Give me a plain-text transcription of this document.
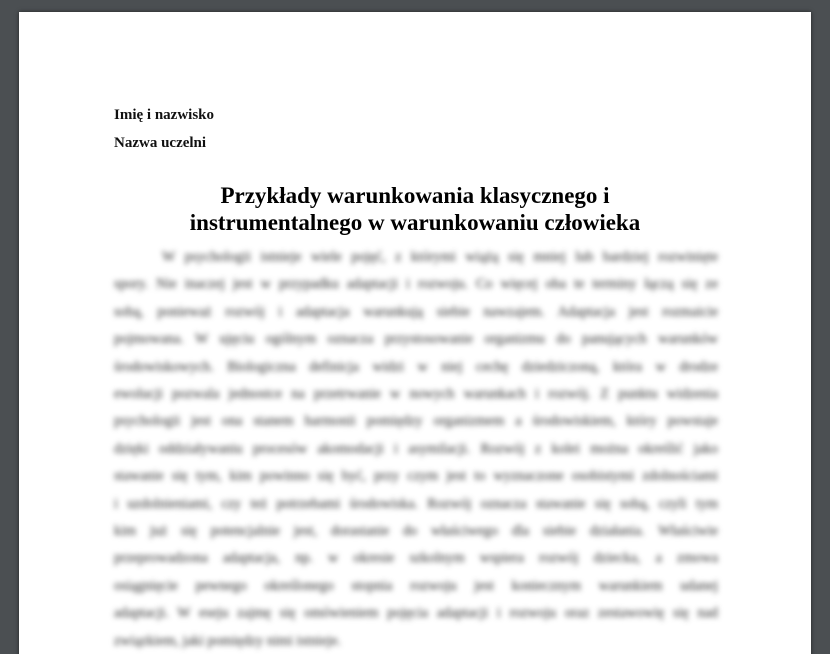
Imię i nazwisko
Nazwa uczelni
Przykłady warunkowania klasycznego i
instrumentalnego w warunkowaniu człowieka
W psychologii istnieje wiele pojęć, z którymi wiążą się mniej lub bardziej rozwinięte
spory. Nie inaczej jest w przypadku adaptacji i rozwoju. Co więcej oba te terminy łączą się ze
sobą, ponieważ rozwój i adaptacja warunkują siebie nawzajem. Adaptacja jest rozmaicie
pojmowana. W ujęciu ogólnym oznacza przystosowanie organizmu do panujących warunków
środowiskowych. Biologiczna definicja widzi w niej cechę dziedziczoną, która w drodze
ewolucji pozwala jednostce na przetrwanie w nowych warunkach i rozwój. Z punktu widzenia
psychologii jest ona stanem harmonii pomiędzy organizmem a środowiskiem, który powstaje
dzięki oddziaływaniu procesów akomodacji i asymilacji. Rozwój z kolei można określić jako
stawanie się tym, kim powinno się być, przy czym jest to wyznaczone osobistymi zdolnościami
i uzdolnieniami, czy też potrzebami środowiska. Rozwój oznacza stawanie się sobą, czyli tym
kim już się potencjalnie jest, dorastanie do właściwego dla siebie działania. Właściwie
przeprowadzona adaptacja, np. w okresie szkolnym wspiera rozwój dziecka, a zmowa
osiągnięcie pewnego określonego stopnia rozwoju jest koniecznym warunkiem udanej
adaptacji. W eseju zajmę się omówieniem pojęcia adaptacji i rozwoju oraz zestawowię się nad
związkiem, jaki pomiędzy nimi istnieje.
